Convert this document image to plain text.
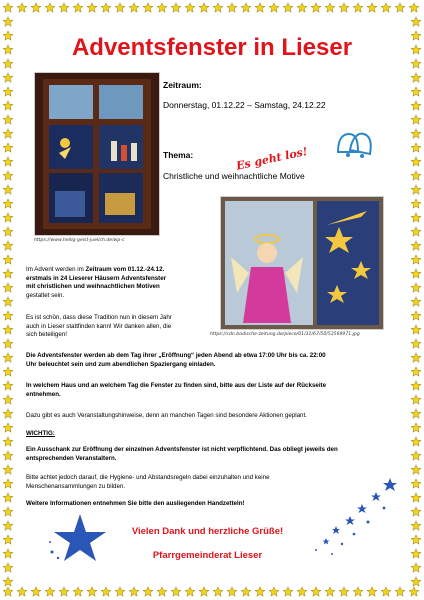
Adventsfenster in Lieser
https://www.heilig-geist-juelich.de/wp-c
Zeitraum:
Donnerstag, 01.12.22 – Samstag, 24.12.22
Es geht los!
Thema:
Christliche und weihnachtliche Motive
https://cdn.bodische-zeitung.de/piece/01/31/67/50/53569971.jpg
Im Advent werden im Zeitraum vom 01.12.-24.12.
erstmals in 24 Lieserer Häusern Adventsfenster
mit christlichen und weihnachtlichen Motiven
gestaltet sein.
Es ist schön, dass diese Tradition nun in diesem Jahr
auch in Lieser stattfinden kann! Wir danken allen, die
sich beteiligen!
Die Adventsfenster werden ab dem Tag ihrer „Eröffnung“ jeden Abend ab etwa 17:00 Uhr bis ca. 22:00
Uhr beleuchtet sein und zum abendlichen Spaziergang einladen.
In welchem Haus und an welchem Tag die Fenster zu finden sind, bitte aus der Liste auf der Rückseite
entnehmen.
Dazu gibt es auch Veranstaltungshinweise, denn an manchen Tagen sind besondere Aktionen geplant.
WICHTIG:
Ein Ausschank zur Eröffnung der einzelnen Adventsfenster ist nicht verpflichtend. Das obliegt jeweils den
entsprechenden Veranstaltern.
Bitte achtet jedoch darauf, die Hygiene- und Abstandsregeln dabei einzuhalten und keine
Menschenansammlungen zu bilden.
Weitere Informationen entnehmen Sie bitte den ausliegenden Handzetteln!
Vielen Dank und herzliche Grüße!
Pfarrgemeinderat Lieser
